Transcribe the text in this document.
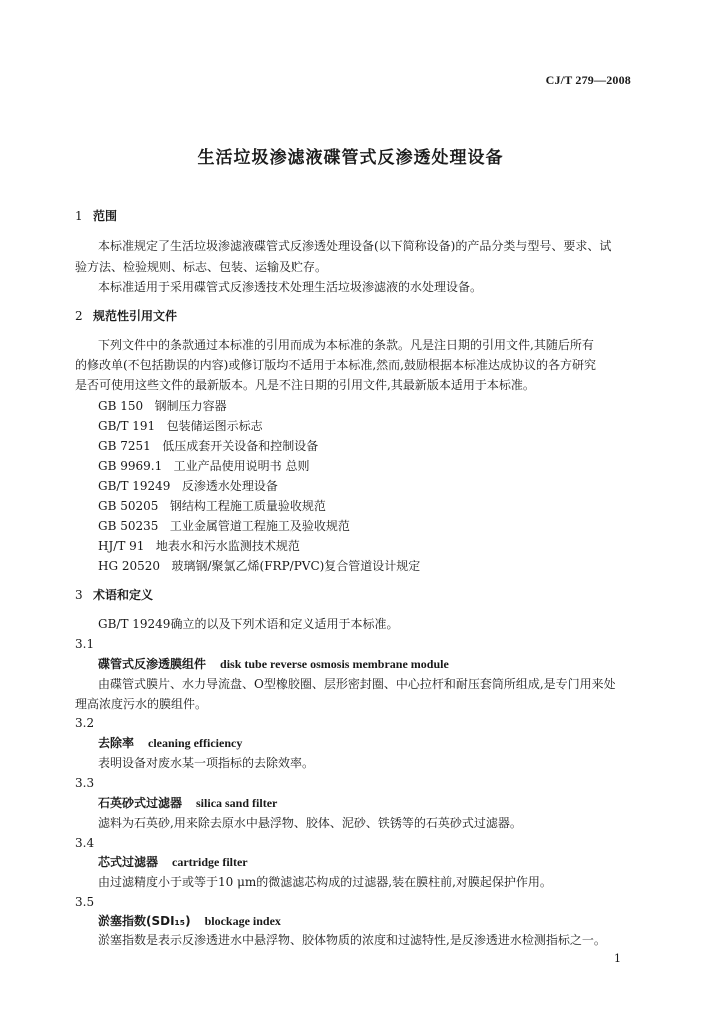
CJ/T 279—2008
生活垃圾渗滤液碟管式反渗透处理设备
1 范围
本标准规定了生活垃圾渗滤液碟管式反渗透处理设备(以下简称设备)的产品分类与型号、要求、试
验方法、检验规则、标志、包装、运输及贮存。
本标准适用于采用碟管式反渗透技术处理生活垃圾渗滤液的水处理设备。
2 规范性引用文件
下列文件中的条款通过本标准的引用而成为本标准的条款。凡是注日期的引用文件,其随后所有
的修改单(不包括勘误的内容)或修订版均不适用于本标准,然而,鼓励根据本标准达成协议的各方研究
是否可使用这些文件的最新版本。凡是不注日期的引用文件,其最新版本适用于本标准。
GB 150 钢制压力容器
GB/T 191 包装储运图示标志
GB 7251 低压成套开关设备和控制设备
GB 9969.1 工业产品使用说明书 总则
GB/T 19249 反渗透水处理设备
GB 50205 钢结构工程施工质量验收规范
GB 50235 工业金属管道工程施工及验收规范
HJ/T 91 地表水和污水监测技术规范
HG 20520 玻璃钢/聚氯乙烯(FRP/PVC)复合管道设计规定
3 术语和定义
GB/T 19249确立的以及下列术语和定义适用于本标准。
3.1
碟管式反渗透膜组件 disk tube reverse osmosis membrane module
由碟管式膜片、水力导流盘、O型橡胶圈、层形密封圈、中心拉杆和耐压套筒所组成,是专门用来处
理高浓度污水的膜组件。
3.2
去除率 cleaning efficiency
表明设备对废水某一项指标的去除效率。
3.3
石英砂式过滤器 silica sand filter
滤料为石英砂,用来除去原水中悬浮物、胶体、泥砂、铁锈等的石英砂式过滤器。
3.4
芯式过滤器 cartridge filter
由过滤精度小于或等于10 μm的微滤滤芯构成的过滤器,装在膜柱前,对膜起保护作用。
3.5
淤塞指数(SDI₁₅) blockage index
淤塞指数是表示反渗透进水中悬浮物、胶体物质的浓度和过滤特性,是反渗透进水检测指标之一。
1
